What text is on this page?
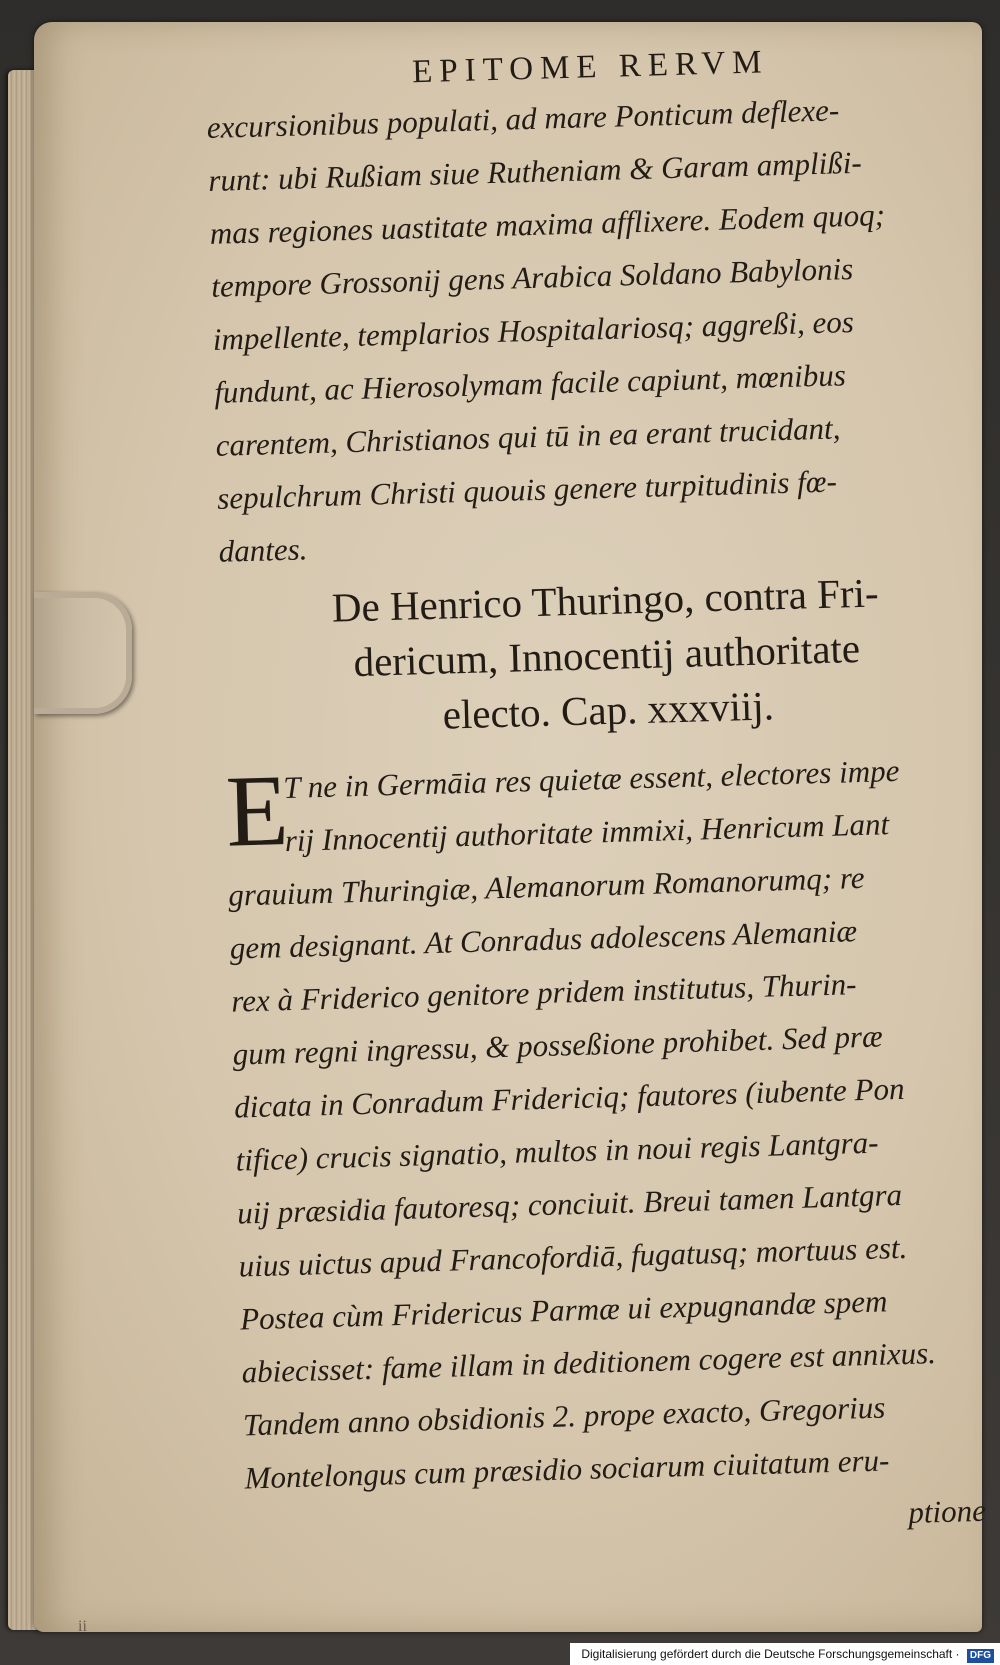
ii
EPITOME RERVM
excursionibus populati, ad mare Ponticum deflexe-
runt: ubi Rußiam siue Rutheniam & Garam amplißi-
mas regiones uastitate maxima afflixere. Eodem quoq;
tempore Grossonij gens Arabica Soldano Babylonis
impellente, templarios Hospitalariosq; aggreßi, eos
fundunt, ac Hierosolymam facile capiunt, mœnibus
carentem, Christianos qui tū in ea erant trucidant,
sepulchrum Christi quouis genere turpitudinis fœ-
dantes.
De Henrico Thuringo, contra Fri-
dericum, Innocentij authoritate
electo. Cap. xxxviij.
E
T ne in Germāia res quietæ essent, electores impe
rij Innocentij authoritate immixi, Henricum Lant
grauium Thuringiæ, Alemanorum Romanorumq; re
gem designant. At Conradus adolescens Alemaniæ
rex à Friderico genitore pridem institutus, Thurin-
gum regni ingressu, & posseßione prohibet. Sed præ
dicata in Conradum Fridericiq; fautores (iubente Pon
tifice) crucis signatio, multos in noui regis Lantgra-
uij præsidia fautoresq; conciuit. Breui tamen Lantgra
uius uictus apud Francofordiā, fugatusq; mortuus est.
Postea cùm Fridericus Parmæ ui expugnandæ spem
abiecisset: fame illam in deditionem cogere est annixus.
Tandem anno obsidionis 2. prope exacto, Gregorius
Montelongus cum præsidio sociarum ciuitatum eru-
ptione
Digitalisierung gefördert durch die Deutsche Forschungsgemeinschaft · DFG
